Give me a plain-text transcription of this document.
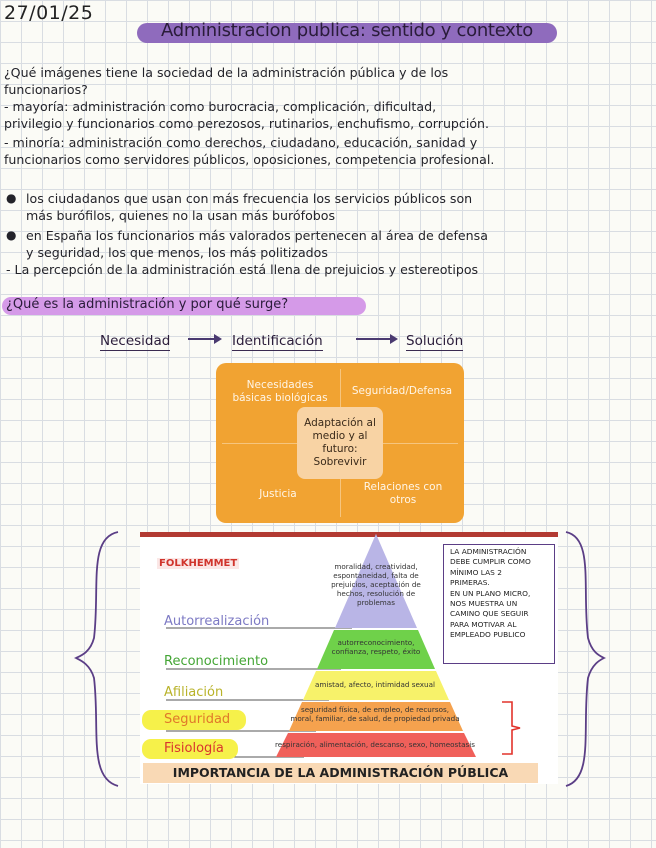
27/01/25
Administracion publica: sentido y contexto
¿Qué imágenes tiene la sociedad de la administración pública y de los
funcionarios?
- mayoría: administración como burocracia, complicación, dificultad,
privilegio y funcionarios como perezosos, rutinarios, enchufismo, corrupción.
- minoría: administración como derechos, ciudadano, educación, sanidad y
funcionarios como servidores públicos, oposiciones, competencia profesional.
● los ciudadanos que usan con más frecuencia los servicios públicos son
más burófilos, quienes no la usan más burófobos
● en España los funcionarios más valorados pertenecen al área de defensa
y seguridad, los que menos, los más politizados
- La percepción de la administración está llena de prejuicios y estereotipos
¿Qué es la administración y por qué surge?
Necesidad	Identificación	Solución
Necesidades básicas biológicas
Seguridad/Defensa
Justicia
Relaciones con otros
Adaptación al medio y al futuro: Sobrevivir
moralidad, creatividad, espontaneidad, falta de prejuicios, aceptación de hechos, resolución de problemas
autorreconocimiento, confianza, respeto, éxito
amistad, afecto, intimidad sexual
seguridad física, de empleo, de recursos,
moral, familiar, de salud, de propiedad privada
respiración, alimentación, descanso, sexo, homeostasis
FOLKHEMMET
Autorrealización
Reconocimiento
Afiliación
Seguridad
Fisiología
LA ADMINISTRACIÓN
DEBE CUMPLIR COMO
MÍNIMO LAS 2
PRIMERAS.
EN UN PLANO MICRO,
NOS MUESTRA UN
CAMINO QUE SEGUIR
PARA MOTIVAR AL
EMPLEADO PUBLICO
IMPORTANCIA DE LA ADMINISTRACIÓN PÚBLICA
